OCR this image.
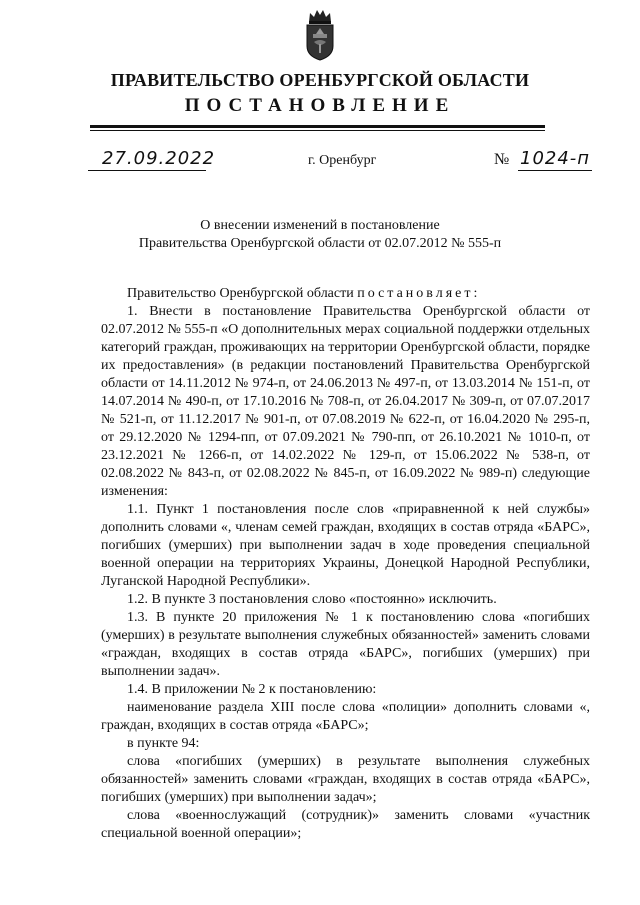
ПРАВИТЕЛЬСТВО ОРЕНБУРГСКОЙ ОБЛАСТИ
ПОСТАНОВЛЕНИЕ
27.09.2022	г. Оренбург	№ 1024-п
О внесении изменений в постановление
Правительства Оренбургской области от 02.07.2012 № 555-п

Правительство Оренбургской области постановляет:

1. Внести в постановление Правительства Оренбургской области от 02.07.2012 № 555-п «О дополнительных мерах социальной поддержки отдельных категорий граждан, проживающих на территории Оренбургской области, порядке их предоставления» (в редакции постановлений Правительства Оренбургской области от 14.11.2012 № 974-п, от 24.06.2013 № 497-п, от 13.03.2014 № 151-п, от 14.07.2014 № 490-п, от 17.10.2016 № 708-п, от 26.04.2017 № 309-п, от 07.07.2017 № 521-п, от 11.12.2017 № 901-п, от 07.08.2019 № 622-п, от 16.04.2020 № 295-п, от 29.12.2020 № 1294-пп, от 07.09.2021 № 790-пп, от 26.10.2021 № 1010-п, от 23.12.2021 № 1266-п, от 14.02.2022 № 129-п, от 15.06.2022 № 538-п, от 02.08.2022 № 843-п, от 02.08.2022 № 845-п, от 16.09.2022 № 989-п) следующие изменения:

1.1. Пункт 1 постановления после слов «приравненной к ней службы» дополнить словами «, членам семей граждан, входящих в состав отряда «БАРС», погибших (умерших) при выполнении задач в ходе проведения специальной военной операции на территориях Украины, Донецкой Народной Республики, Луганской Народной Республики».

1.2. В пункте 3 постановления слово «постоянно» исключить.

1.3. В пункте 20 приложения № 1 к постановлению слова «погибших (умерших) в результате выполнения служебных обязанностей» заменить словами «граждан, входящих в состав отряда «БАРС», погибших (умерших) при выполнении задач».

1.4. В приложении № 2 к постановлению:

наименование раздела XIII после слова «полиции» дополнить словами «, граждан, входящих в состав отряда «БАРС»;

в пункте 94:

слова «погибших (умерших) в результате выполнения служебных обязанностей» заменить словами «граждан, входящих в состав отряда «БАРС», погибших (умерших) при выполнении задач»;

слова «военнослужащий (сотрудник)» заменить словами «участник специальной военной операции»;
